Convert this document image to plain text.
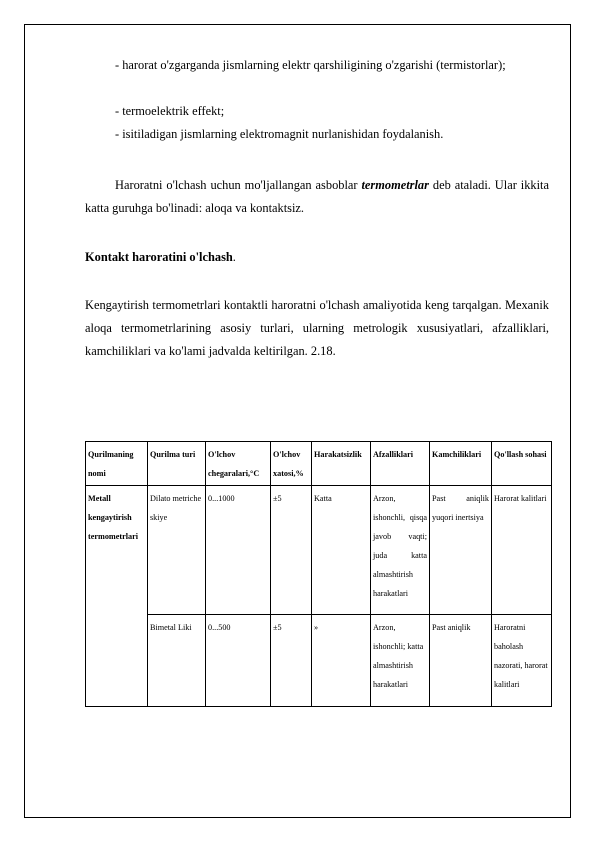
- harorat o'zgarganda jismlarning elektr qarshiligining o'zgarishi (termistorlar);

- termoelektrik effekt;

- isitiladigan jismlarning elektromagnit nurlanishidan foydalanish.

Haroratni o'lchash uchun mo'ljallangan asboblar termometrlar deb ataladi. Ular ikkita katta guruhga bo'linadi: aloqa va kontaktsiz.

Kontakt haroratini o'lchash.

Kengaytirish termometrlari kontaktli haroratni o'lchash amaliyotida keng tarqalgan. Mexanik aloqa termometrlarining asosiy turlari, ularning metrologik xususiyatlari, afzalliklari, kamchiliklari va ko'lami jadvalda keltirilgan. 2.18.

Qurilmaning nomi	Qurilma turi	O'lchov chegaralari,°C	O'lchov xatosi,%	Harakatsizlik	Afzalliklari	Kamchiliklari	Qo'llash sohasi
Metall kengaytirish termometrlari	Dilato metriche skiye	0...1000	±5	Katta	Arzon, ishonchli, qisqa javob vaqti; juda katta almashtirish harakatlari	Past aniqlik yuqori inertsiya	Harorat kalitlari
	Bimetal Liki	0...500	±5	»	Arzon, ishonchli; katta almashtirish harakatlari	Past aniqlik	Haroratni baholash nazorati, harorat kalitlari
